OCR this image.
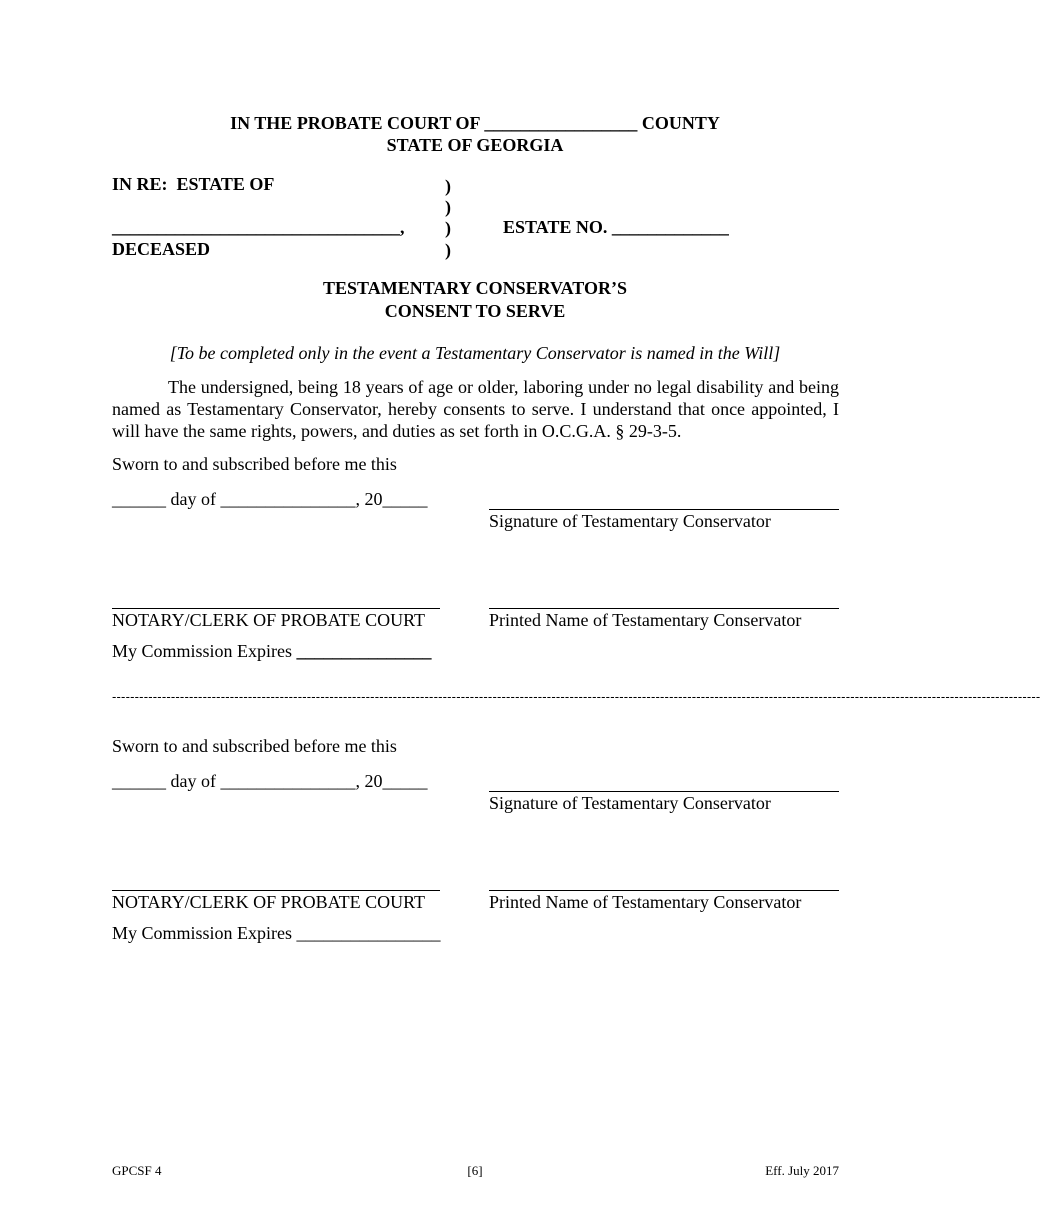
IN THE PROBATE COURT OF _________________ COUNTY
STATE OF GEORGIA
IN RE:  ESTATE OF
________________________________,
DECEASED
)
)
)
)
ESTATE NO. _____________
TESTAMENTARY CONSERVATOR’S
CONSENT TO SERVE
[To be completed only in the event a Testamentary Conservator is named in the Will]
The undersigned, being 18 years of age or older, laboring under no legal disability and being named as Testamentary Conservator, hereby consents to serve. I understand that once appointed, I will have the same rights, powers, and duties as set forth in O.C.G.A. § 29-3-5.
Sworn to and subscribed before me this
______ day of _______________, 20_____
Signature of Testamentary Conservator
NOTARY/CLERK OF PROBATE COURT	Printed Name of Testamentary Conservator
My Commission Expires _______________
-------------------------------------------------------------------------------------------------------------------------------------------------------------------------------------------------------------
Sworn to and subscribed before me this
______ day of _______________, 20_____
Signature of Testamentary Conservator
NOTARY/CLERK OF PROBATE COURT	Printed Name of Testamentary Conservator
My Commission Expires ________________
GPCSF 4	[6]	Eff. July 2017
